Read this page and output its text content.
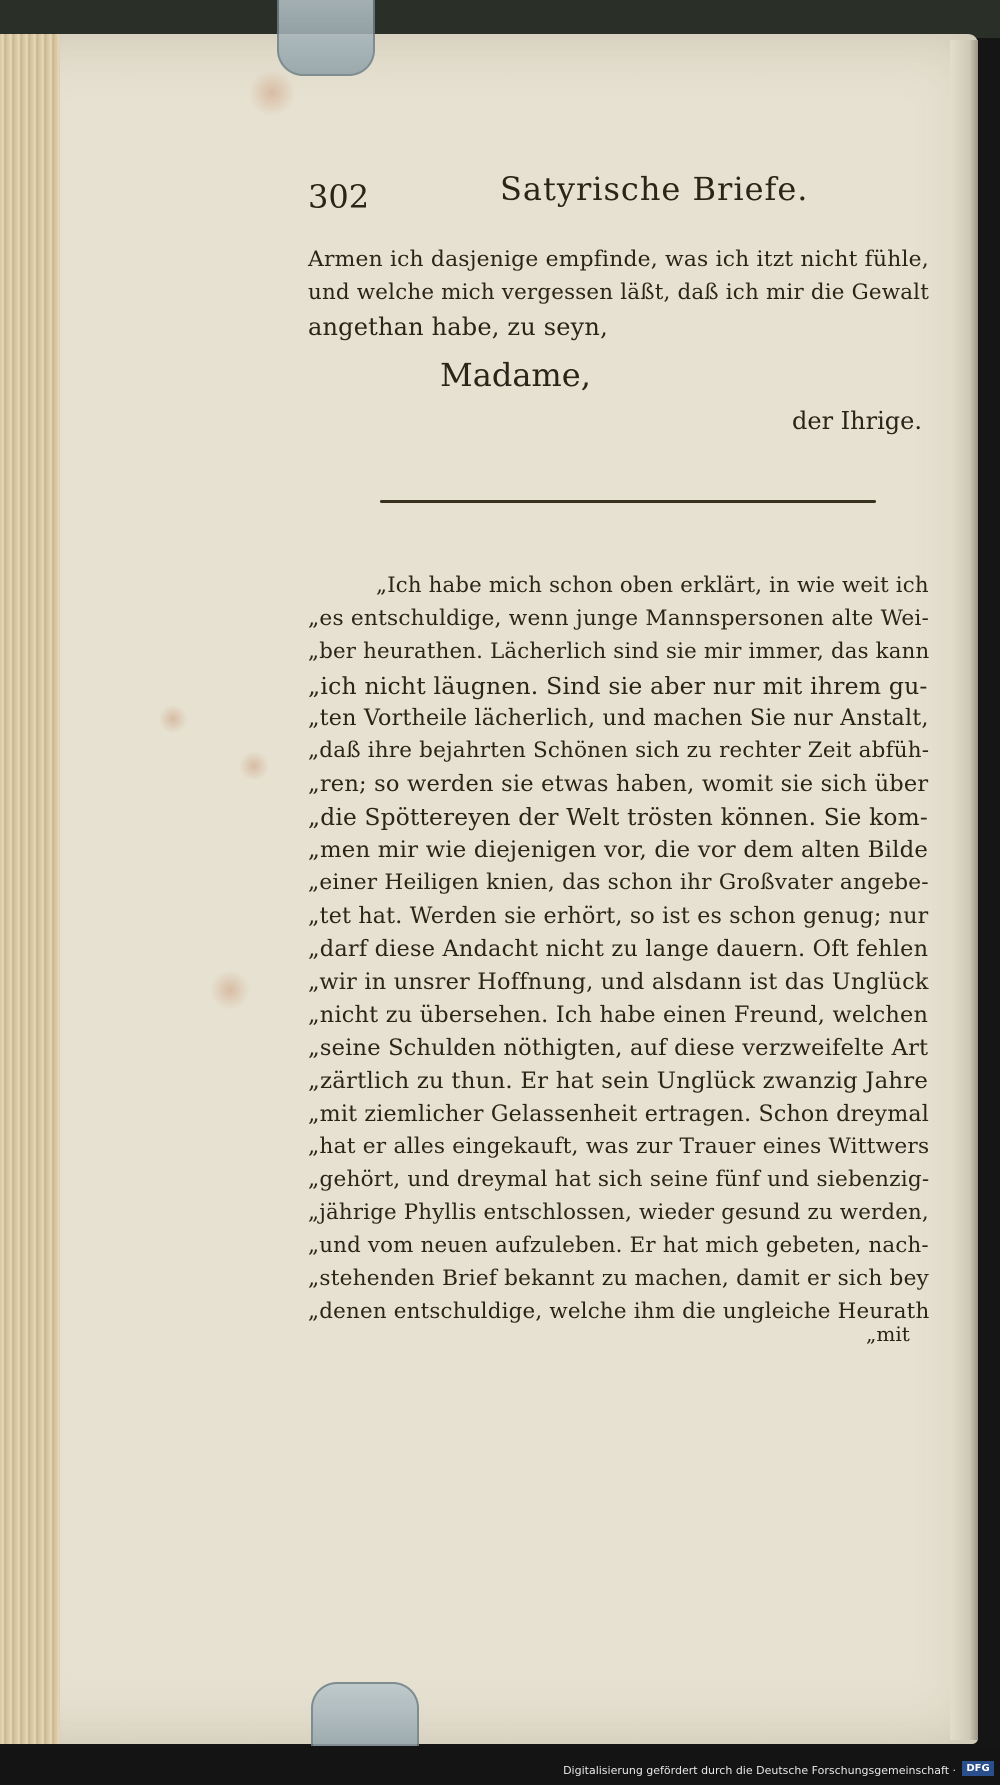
302	Satyrische Briefe.
Armen ich dasjenige empfinde, was ich itzt nicht fühle,
und welche mich vergessen läßt, daß ich mir die Gewalt
angethan habe, zu seyn,
Madame,
der Ihrige.
„Ich habe mich schon oben erklärt, in wie weit ich
„es entschuldige, wenn junge Mannspersonen alte Wei-
„ber heurathen. Lächerlich sind sie mir immer, das kann
„ich nicht läugnen. Sind sie aber nur mit ihrem gu-
„ten Vortheile lächerlich, und machen Sie nur Anstalt,
„daß ihre bejahrten Schönen sich zu rechter Zeit abfüh-
„ren; so werden sie etwas haben, womit sie sich über
„die Spöttereyen der Welt trösten können. Sie kom-
„men mir wie diejenigen vor, die vor dem alten Bilde
„einer Heiligen knien, das schon ihr Großvater angebe-
„tet hat. Werden sie erhört, so ist es schon genug; nur
„darf diese Andacht nicht zu lange dauern. Oft fehlen
„wir in unsrer Hoffnung, und alsdann ist das Unglück
„nicht zu übersehen. Ich habe einen Freund, welchen
„seine Schulden nöthigten, auf diese verzweifelte Art
„zärtlich zu thun. Er hat sein Unglück zwanzig Jahre
„mit ziemlicher Gelassenheit ertragen. Schon dreymal
„hat er alles eingekauft, was zur Trauer eines Wittwers
„gehört, und dreymal hat sich seine fünf und siebenzig-
„jährige Phyllis entschlossen, wieder gesund zu werden,
„und vom neuen aufzuleben. Er hat mich gebeten, nach-
„stehenden Brief bekannt zu machen, damit er sich bey
„denen entschuldige, welche ihm die ungleiche Heurath
„mit
Digitalisierung gefördert durch die Deutsche Forschungsgemeinschaft ·	DFG
